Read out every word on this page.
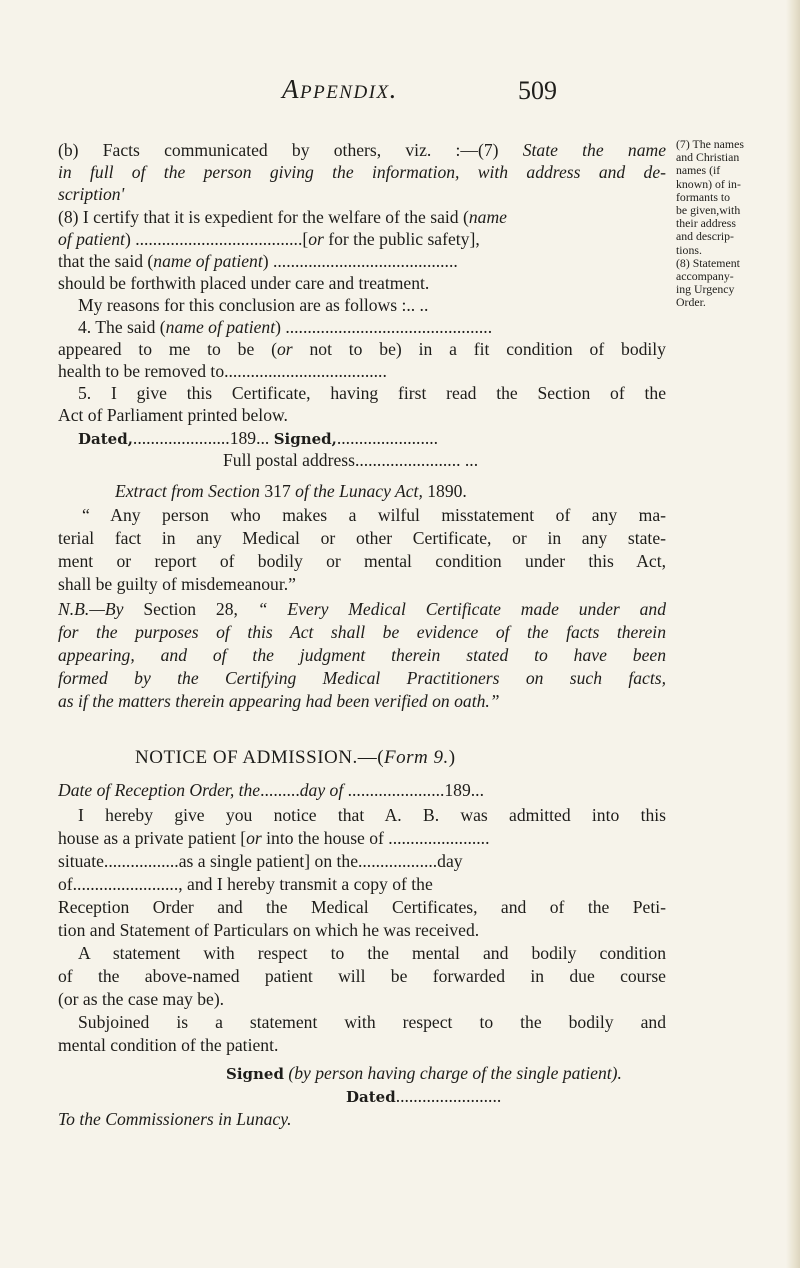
Appendix.	509
(b) Facts communicated by others, viz. :—(7) State the name
in full of the person giving the information, with address and de-
scription'
(8) I certify that it is expedient for the welfare of the said (name
of patient) ......................................[or for the public safety],
that the said (name of patient) ..........................................
should be forthwith placed under care and treatment.
My reasons for this conclusion are as follows :.. ..
4. The said (name of patient) ...............................................
appeared to me to be (or not to be) in a fit condition of bodily
health to be removed to.....................................
5. I give this Certificate, having first read the Section of the
Act of Parliament printed below.
Dated,......................189... Signed,.......................
Full postal address........................ ...
Extract from Section 317 of the Lunacy Act, 1890.
“ Any person who makes a wilful misstatement of any ma-
terial fact in any Medical or other Certificate, or in any state-
ment or report of bodily or mental condition under this Act,
shall be guilty of misdemeanour.”
N.B.—By Section 28, “ Every Medical Certificate made under and
for the purposes of this Act shall be evidence of the facts therein
appearing, and of the judgment therein stated to have been
formed by the Certifying Medical Practitioners on such facts,
as if the matters therein appearing had been verified on oath.”
(7) The names
and Christian
names (if
known) of in-
formants to
be given,with
their address
and descrip-
tions.
(8) Statement
accompany-
ing Urgency
Order.
NOTICE OF ADMISSION.—(Form 9.)
Date of Reception Order, the.........day of ......................189...
I hereby give you notice that A. B. was admitted into this
house as a private patient [or into the house of .......................
situate.................as a single patient] on the..................day
of........................, and I hereby transmit a copy of the
Reception Order and the Medical Certificates, and of the Peti-
tion and Statement of Particulars on which he was received.
A statement with respect to the mental and bodily condition
of the above-named patient will be forwarded in due course
(or as the case may be).
Subjoined is a statement with respect to the bodily and
mental condition of the patient.
Signed (by person having charge of the single patient).
Dated........................
To the Commissioners in Lunacy.
